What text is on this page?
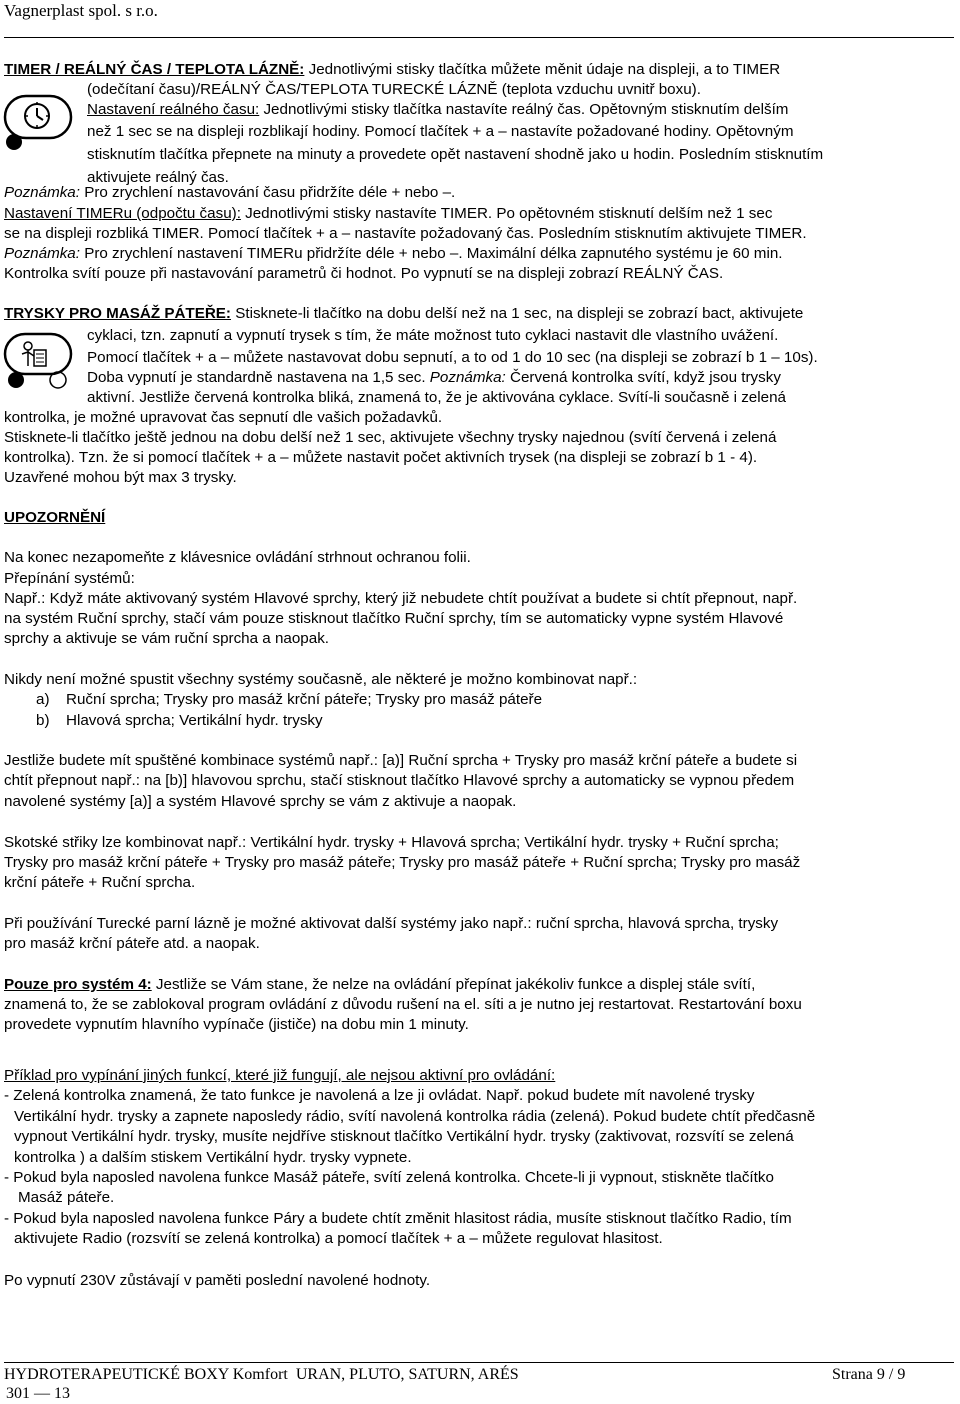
Vagnerplast spol. s r.o.
TIMER / REÁLNÝ ČAS / TEPLOTA LÁZNĚ: Jednotlivými stisky tlačítka můžete měnit údaje na displeji, a to TIMER
(odečítaní času)/REÁLNÝ ČAS/TEPLOTA TURECKÉ LÁZNĚ (teplota vzduchu uvnitř boxu).
Nastavení reálného času: Jednotlivými stisky tlačítka nastavíte reálný čas. Opětovným stisknutím delším
než 1 sec se na displeji rozblikají hodiny. Pomocí tlačítek + a – nastavíte požadované hodiny. Opětovným
stisknutím tlačítka přepnete na minuty a provedete opět nastavení shodně jako u hodin. Posledním stisknutím
aktivujete reálný čas.
Poznámka: Pro zrychlení nastavování času přidržíte déle + nebo –.
Nastavení TIMERu (odpočtu času): Jednotlivými stisky nastavíte TIMER. Po opětovném stisknutí delším než 1 sec
se na displeji rozbliká TIMER. Pomocí tlačítek + a – nastavíte požadovaný čas. Posledním stisknutím aktivujete TIMER.
Poznámka: Pro zrychlení nastavení TIMERu přidržíte déle + nebo –. Maximální délka zapnutého systému je 60 min.
Kontrolka svítí pouze při nastavování parametrů či hodnot. Po vypnutí se na displeji zobrazí REÁLNÝ ČAS.
TRYSKY PRO MASÁŽ PÁTEŘE: Stisknete-li tlačítko na dobu delší než na 1 sec, na displeji se zobrazí bact, aktivujete
cyklaci, tzn. zapnutí a vypnutí trysek s tím, že máte možnost tuto cyklaci nastavit dle vlastního uvážení.
Pomocí tlačítek + a – můžete nastavovat dobu sepnutí, a to od 1 do 10 sec (na displeji se zobrazí b 1 – 10s).
Doba vypnutí je standardně nastavena na 1,5 sec. Poznámka: Červená kontrolka svítí, když jsou trysky
aktivní. Jestliže červená kontrolka bliká, znamená to, že je aktivována cyklace. Svítí-li současně i zelená
kontrolka, je možné upravovat čas sepnutí dle vašich požadavků.
Stisknete-li tlačítko ještě jednou na dobu delší než 1 sec, aktivujete všechny trysky najednou (svítí červená i zelená
kontrolka). Tzn. že si pomocí tlačítek + a – můžete nastavit počet aktivních trysek (na displeji se zobrazí b 1 - 4).
Uzavřené mohou být max 3 trysky.
UPOZORNĚNÍ
Na konec nezapomeňte z klávesnice ovládání strhnout ochranou folii.
Přepínání systémů:
Např.: Když máte aktivovaný systém Hlavové sprchy, který již nebudete chtít používat a budete si chtít přepnout, např.
na systém Ruční sprchy, stačí vám pouze stisknout tlačítko Ruční sprchy, tím se automaticky vypne systém Hlavové
sprchy a aktivuje se vám ruční sprcha a naopak.
Nikdy není možné spustit všechny systémy současně, ale některé je možno kombinovat např.:
a) Ruční sprcha; Trysky pro masáž krční páteře; Trysky pro masáž páteře
b) Hlavová sprcha; Vertikální hydr. trysky
Jestliže budete mít spuštěné kombinace systémů např.: [a)] Ruční sprcha + Trysky pro masáž krční páteře a budete si
chtít přepnout např.: na [b)] hlavovou sprchu, stačí stisknout tlačítko Hlavové sprchy a automaticky se vypnou předem
navolené systémy [a)] a systém Hlavové sprchy se vám z aktivuje a naopak.
Skotské střiky lze kombinovat např.: Vertikální hydr. trysky + Hlavová sprcha; Vertikální hydr. trysky + Ruční sprcha;
Trysky pro masáž krční páteře + Trysky pro masáž páteře; Trysky pro masáž páteře + Ruční sprcha; Trysky pro masáž
krční páteře + Ruční sprcha.
Při používání Turecké parní lázně je možné aktivovat další systémy jako např.: ruční sprcha, hlavová sprcha, trysky
pro masáž krční páteře atd. a naopak.
Pouze pro systém 4: Jestliže se Vám stane, že nelze na ovládání přepínat jakékoliv funkce a displej stále svítí,
znamená to, že se zablokoval program ovládání z důvodu rušení na el. síti a je nutno jej restartovat. Restartování boxu
provedete vypnutím hlavního vypínače (jističe) na dobu min 1 minuty.
Příklad pro vypínání jiných funkcí, které již fungují, ale nejsou aktivní pro ovládání:
- Zelená kontrolka znamená, že tato funkce je navolená a lze ji ovládat. Např. pokud budete mít navolené trysky
Vertikální hydr. trysky a zapnete naposledy rádio, svítí navolená kontrolka rádia (zelená). Pokud budete chtít předčasně
vypnout Vertikální hydr. trysky, musíte nejdříve stisknout tlačítko Vertikální hydr. trysky (zaktivovat, rozsvítí se zelená
kontrolka ) a dalším stiskem Vertikální hydr. trysky vypnete.
- Pokud byla naposled navolena funkce Masáž páteře, svítí zelená kontrolka. Chcete-li ji vypnout, stiskněte tlačítko
Masáž páteře.
- Pokud byla naposled navolena funkce Páry a budete chtít změnit hlasitost rádia, musíte stisknout tlačítko Radio, tím
aktivujete Radio (rozsvítí se zelená kontrolka) a pomocí tlačítek + a – můžete regulovat hlasitost.
Po vypnutí 230V zůstávají v paměti poslední navolené hodnoty.
HYDROTERAPEUTICKÉ BOXY Komfort  URAN, PLUTO, SATURN, ARÉS	Strana 9 / 9
301 — 13
